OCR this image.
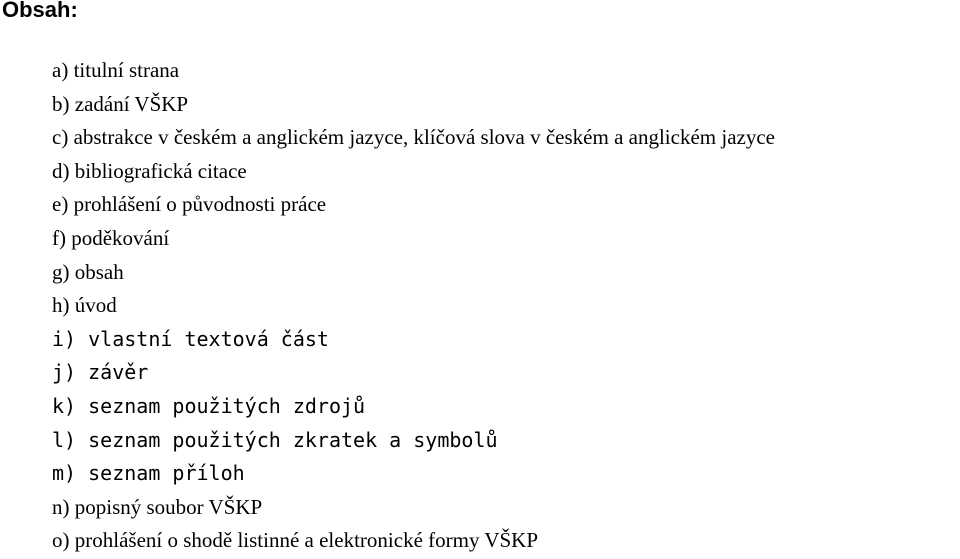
Obsah:
a) titulní strana
b) zadání VŠKP
c) abstrakce v českém a anglickém jazyce, klíčová slova v českém a anglickém jazyce
d) bibliografická citace
e) prohlášení o původnosti práce
f) poděkování
g) obsah
h) úvod
i) vlastní textová část
j) závěr
k) seznam použitých zdrojů
l) seznam použitých zkratek a symbolů
m) seznam příloh
n) popisný soubor VŠKP
o) prohlášení o shodě listinné a elektronické formy VŠKP
